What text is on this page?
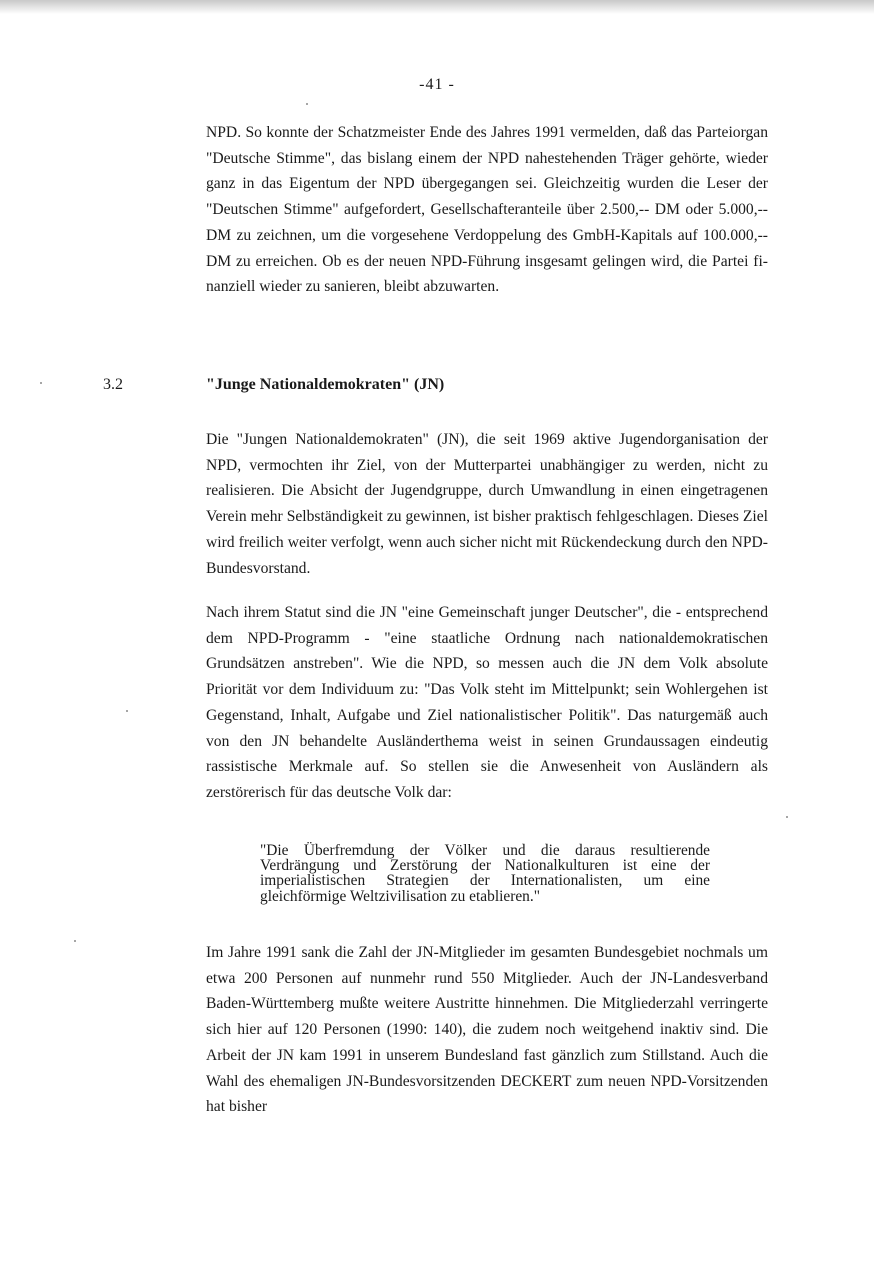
-41 -

NPD. So konnte der Schatzmeister Ende des Jahres 1991 vermelden, daß das Parteiorgan "Deutsche Stimme", das bislang einem der NPD nahestehenden Träger gehörte, wieder ganz in das Eigentum der NPD übergegangen sei. Gleichzeitig wurden die Leser der "Deutschen Stimme" aufgefordert, Gesellschafteranteile über 2.500,-- DM oder 5.000,-- DM zu zeichnen, um die vorgesehene Verdoppelung des GmbH-Kapitals auf 100.000,-- DM zu erreichen. Ob es der neuen NPD-Führung insgesamt gelingen wird, die Partei finanziell wieder zu sanieren, bleibt abzuwarten.

3.2	"Junge Nationaldemokraten" (JN)

Die "Jungen Nationaldemokraten" (JN), die seit 1969 aktive Jugendorganisation der NPD, vermochten ihr Ziel, von der Mutterpartei unabhängiger zu werden, nicht zu realisieren. Die Absicht der Jugendgruppe, durch Umwandlung in einen eingetragenen Verein mehr Selbständigkeit zu gewinnen, ist bisher praktisch fehlgeschlagen. Dieses Ziel wird freilich weiter verfolgt, wenn auch sicher nicht mit Rückendeckung durch den NPD-Bundesvorstand.

Nach ihrem Statut sind die JN "eine Gemeinschaft junger Deutscher", die - entsprechend dem NPD-Programm - "eine staatliche Ordnung nach nationaldemokratischen Grundsätzen anstreben". Wie die NPD, so messen auch die JN dem Volk absolute Priorität vor dem Individuum zu: "Das Volk steht im Mittelpunkt; sein Wohlergehen ist Gegenstand, Inhalt, Aufgabe und Ziel nationalistischer Politik". Das naturgemäß auch von den JN behandelte Ausländerthema weist in seinen Grundaussagen eindeutig rassistische Merkmale auf. So stellen sie die Anwesenheit von Ausländern als zerstörerisch für das deutsche Volk dar:

"Die Überfremdung der Völker und die daraus resultierende Verdrängung und Zerstörung der Nationalkulturen ist eine der imperialistischen Strategien der Internationalisten, um eine gleichförmige Weltzivilisation zu etablieren."

Im Jahre 1991 sank die Zahl der JN-Mitglieder im gesamten Bundesgebiet nochmals um etwa 200 Personen auf nunmehr rund 550 Mitglieder. Auch der JN-Landesverband Baden-Württemberg mußte weitere Austritte hinnehmen. Die Mitgliederzahl verringerte sich hier auf 120 Personen (1990: 140), die zudem noch weitgehend inaktiv sind. Die Arbeit der JN kam 1991 in unserem Bundesland fast gänzlich zum Stillstand. Auch die Wahl des ehemaligen JN-Bundesvorsitzenden DECKERT zum neuen NPD-Vorsitzenden hat bisher
